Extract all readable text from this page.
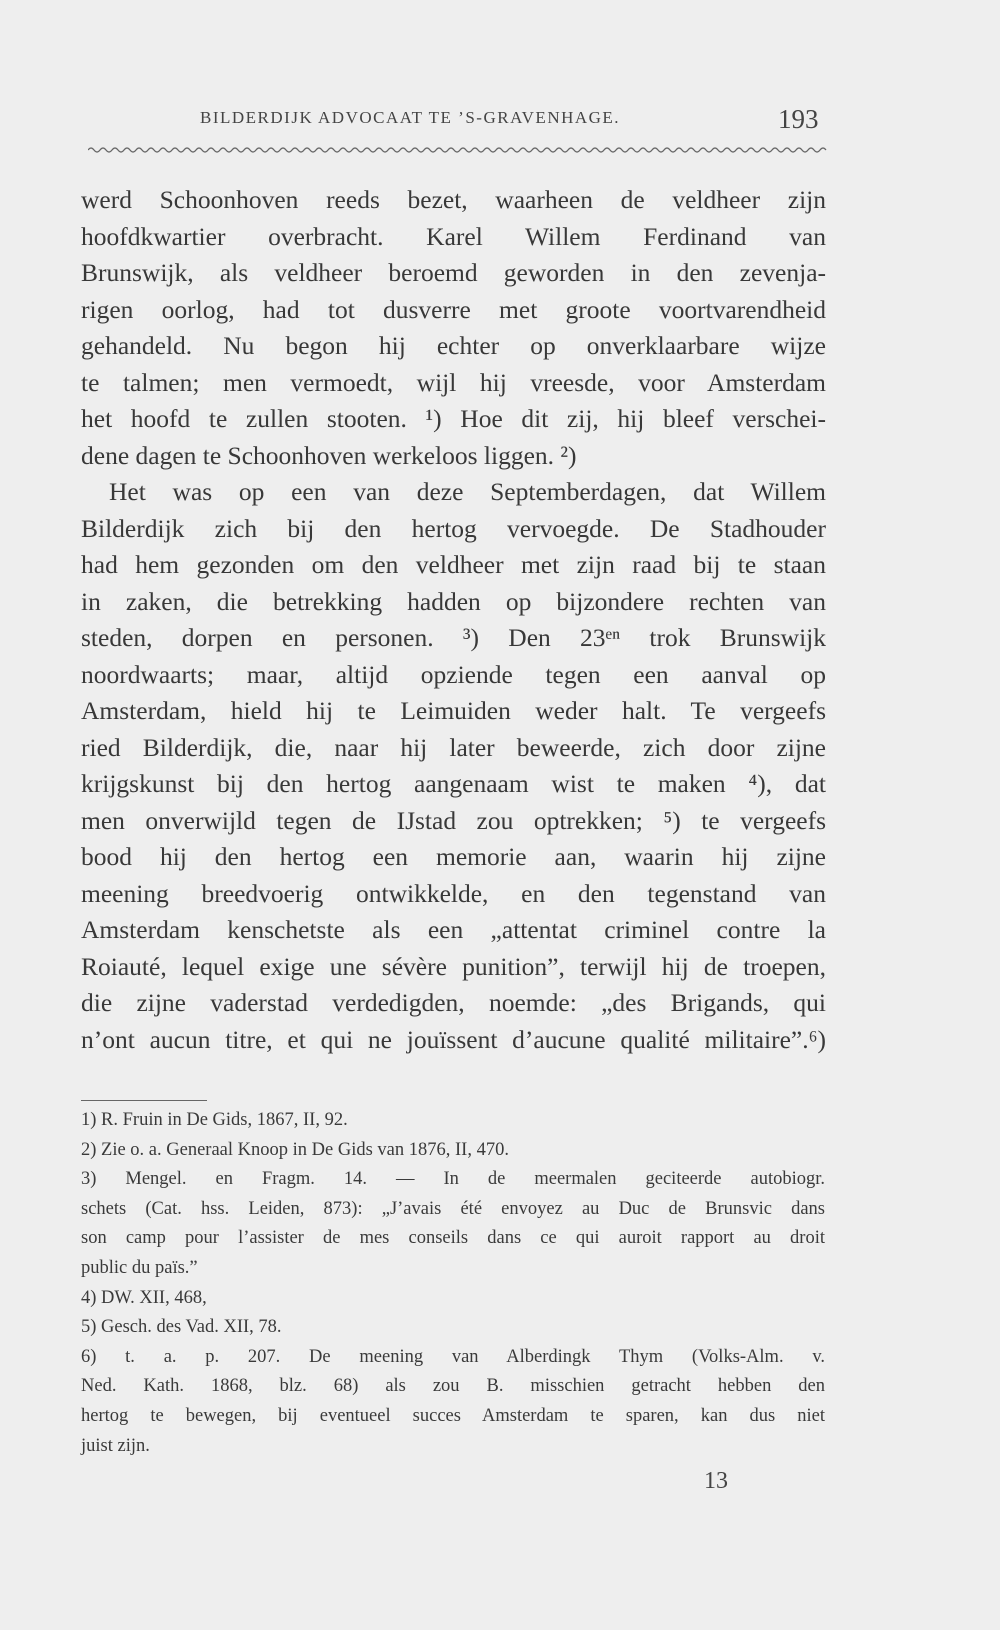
BILDERDIJK ADVOCAAT TE ’S-GRAVENHAGE.	193
werd Schoonhoven reeds bezet, waarheen de veldheer zijn
hoofdkwartier overbracht. Karel Willem Ferdinand van
Brunswijk, als veldheer beroemd geworden in den zevenja-
rigen oorlog, had tot dusverre met groote voortvarendheid
gehandeld. Nu begon hij echter op onverklaarbare wijze
te talmen; men vermoedt, wijl hij vreesde, voor Amsterdam
het hoofd te zullen stooten. ¹) Hoe dit zij, hij bleef verschei-
dene dagen te Schoonhoven werkeloos liggen. ²)
Het was op een van deze Septemberdagen, dat Willem
Bilderdijk zich bij den hertog vervoegde. De Stadhouder
had hem gezonden om den veldheer met zijn raad bij te staan
in zaken, die betrekking hadden op bijzondere rechten van
steden, dorpen en personen. ³) Den 23ᵉⁿ trok Brunswijk
noordwaarts; maar, altijd opziende tegen een aanval op
Amsterdam, hield hij te Leimuiden weder halt. Te vergeefs
ried Bilderdijk, die, naar hij later beweerde, zich door zijne
krijgskunst bij den hertog aangenaam wist te maken ⁴), dat
men onverwijld tegen de IJstad zou optrekken; ⁵) te vergeefs
bood hij den hertog een memorie aan, waarin hij zijne
meening breedvoerig ontwikkelde, en den tegenstand van
Amsterdam kenschetste als een „attentat criminel contre la
Roiauté, lequel exige une sévère punition”, terwijl hij de troepen,
die zijne vaderstad verdedigden, noemde: „des Brigands, qui
n’ont aucun titre, et qui ne jouïssent d’aucune qualité militaire”.⁶)
1) R. Fruin in De Gids, 1867, II, 92.
2) Zie o. a. Generaal Knoop in De Gids van 1876, II, 470.
3) Mengel. en Fragm. 14. — In de meermalen geciteerde autobiogr.
schets (Cat. hss. Leiden, 873): „J’avais été envoyez au Duc de Brunsvic dans
son camp pour l’assister de mes conseils dans ce qui auroit rapport au droit
public du païs.”
4) DW. XII, 468,
5) Gesch. des Vad. XII, 78.
6) t. a. p. 207. De meening van Alberdingk Thym (Volks-Alm. v.
Ned. Kath. 1868, blz. 68) als zou B. misschien getracht hebben den
hertog te bewegen, bij eventueel succes Amsterdam te sparen, kan dus niet
juist zijn.
13
